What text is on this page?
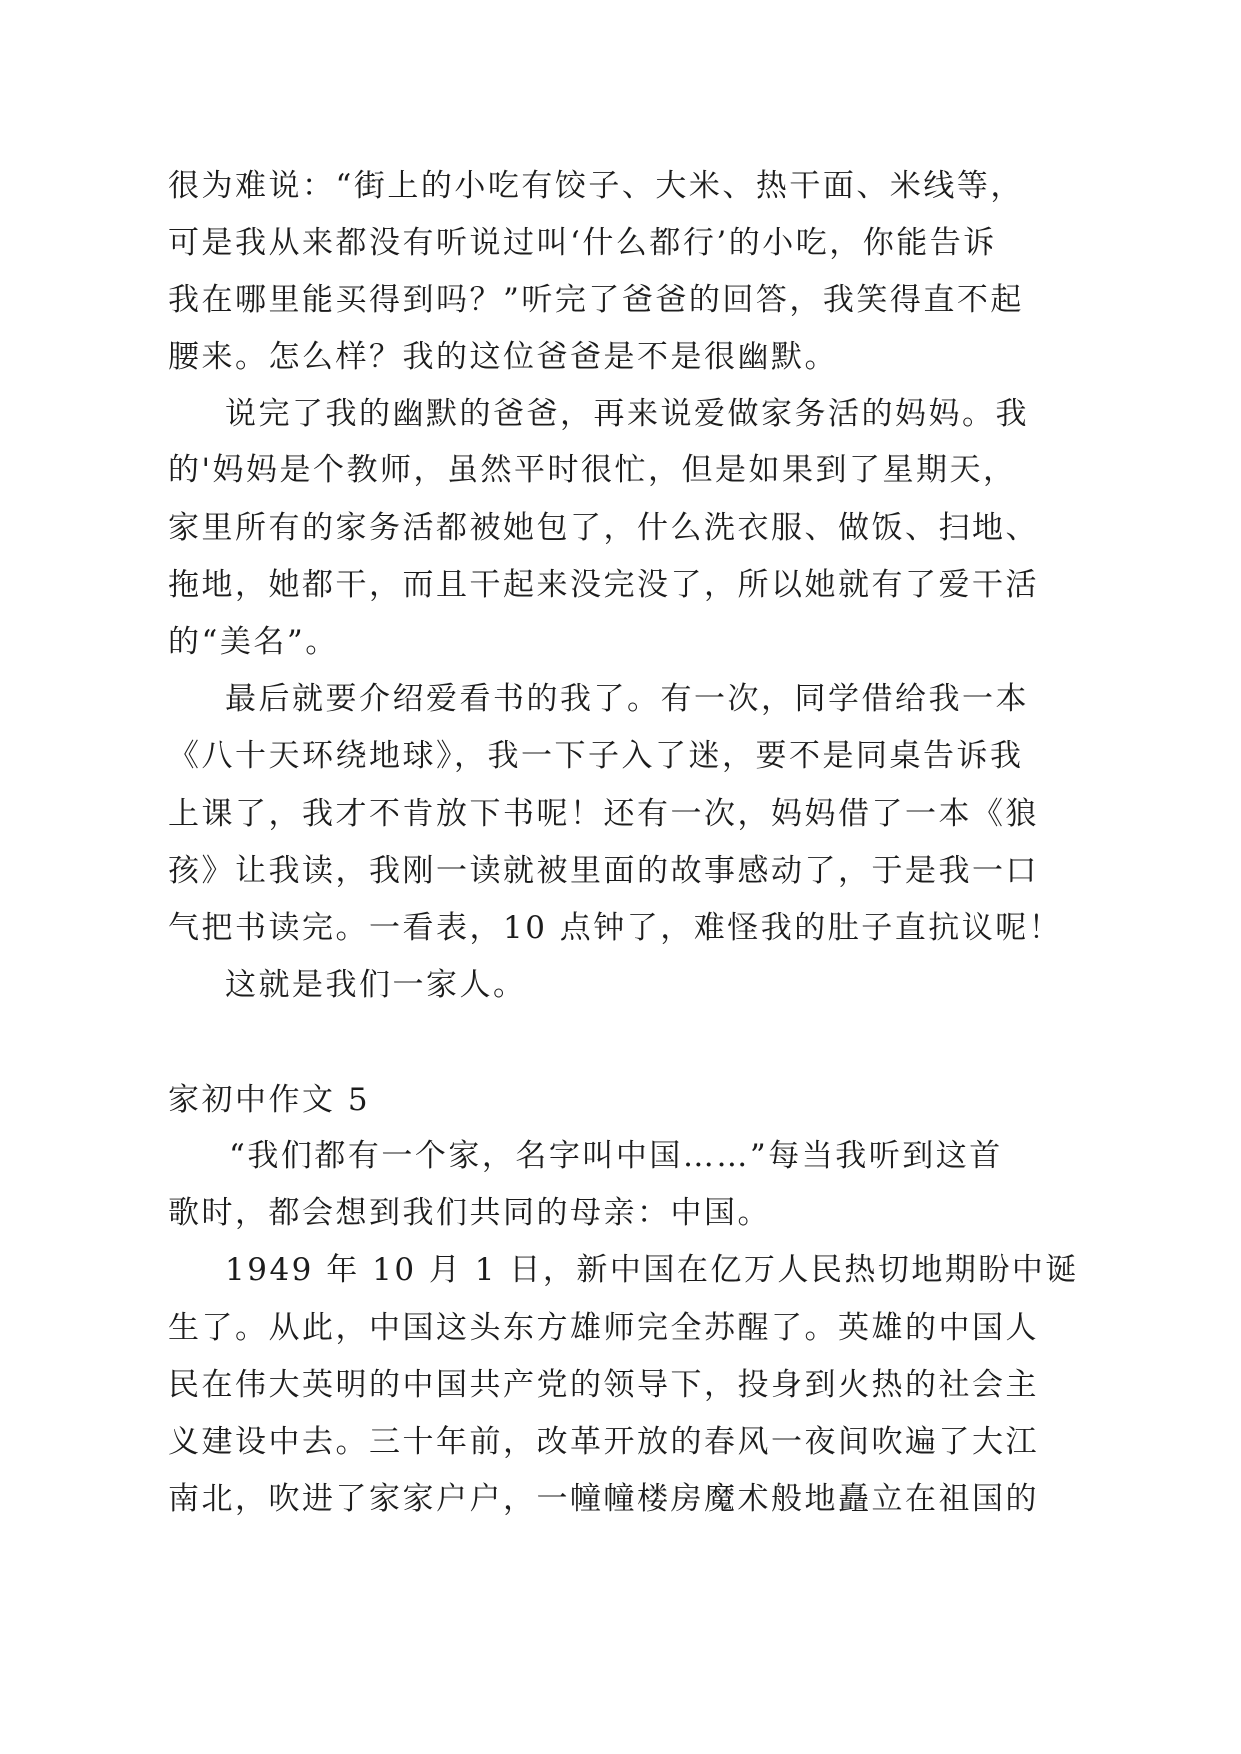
很为难说：“街上的小吃有饺子、大米、热干面、米线等，
可是我从来都没有听说过叫‘什么都行’的小吃，你能告诉
我在哪里能买得到吗？”听完了爸爸的回答，我笑得直不起
腰来。怎么样？我的这位爸爸是不是很幽默。
说完了我的幽默的爸爸，再来说爱做家务活的妈妈。我
的'妈妈是个教师，虽然平时很忙，但是如果到了星期天，
家里所有的家务活都被她包了，什么洗衣服、做饭、扫地、
拖地，她都干，而且干起来没完没了，所以她就有了爱干活
的“美名”。
最后就要介绍爱看书的我了。有一次，同学借给我一本
《八十天环绕地球》，我一下子入了迷，要不是同桌告诉我
上课了，我才不肯放下书呢！还有一次，妈妈借了一本《狼
孩》让我读，我刚一读就被里面的故事感动了，于是我一口
气把书读完。一看表，10 点钟了，难怪我的肚子直抗议呢！
这就是我们一家人。
家初中作文 5
“我们都有一个家，名字叫中国……”每当我听到这首
歌时，都会想到我们共同的母亲：中国。
1949 年 10 月 1 日，新中国在亿万人民热切地期盼中诞
生了。从此，中国这头东方雄师完全苏醒了。英雄的中国人
民在伟大英明的中国共产党的领导下，投身到火热的社会主
义建设中去。三十年前，改革开放的春风一夜间吹遍了大江
南北，吹进了家家户户，一幢幢楼房魔术般地矗立在祖国的
